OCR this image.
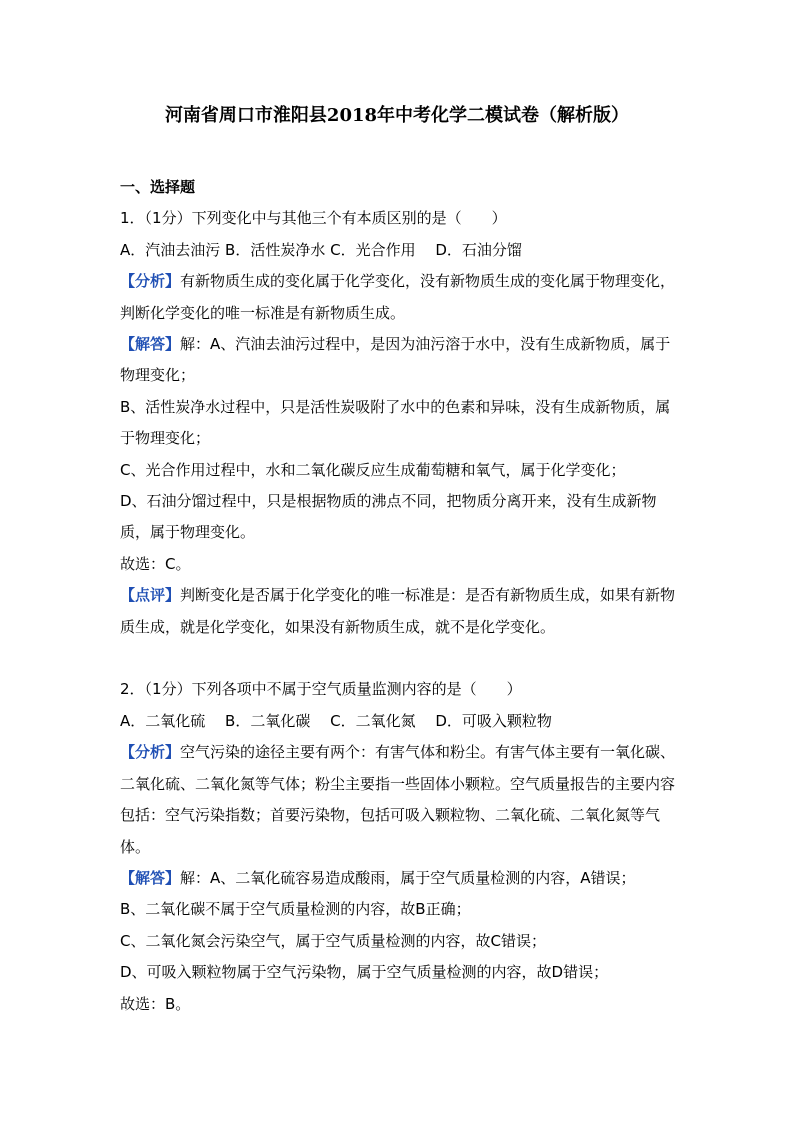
河南省周口市淮阳县2018年中考化学二模试卷（解析版）
一、选择题
1．（1分）下列变化中与其他三个有本质区别的是（　　）
A．汽油去油污 B．活性炭净水 C．光合作用　 D．石油分馏
【分析】有新物质生成的变化属于化学变化，没有新物质生成的变化属于物理变化，判断化学变化的唯一标准是有新物质生成。
【解答】解：A、汽油去油污过程中，是因为油污溶于水中，没有生成新物质，属于物理变化；
B、活性炭净水过程中，只是活性炭吸附了水中的色素和异味，没有生成新物质，属于物理变化；
C、光合作用过程中，水和二氧化碳反应生成葡萄糖和氧气，属于化学变化；
D、石油分馏过程中，只是根据物质的沸点不同，把物质分离开来，没有生成新物质，属于物理变化。
故选：C。
【点评】判断变化是否属于化学变化的唯一标准是：是否有新物质生成，如果有新物质生成，就是化学变化，如果没有新物质生成，就不是化学变化。
2．（1分）下列各项中不属于空气质量监测内容的是（　　）
A．二氧化硫　 B．二氧化碳　 C．二氧化氮　 D．可吸入颗粒物
【分析】空气污染的途径主要有两个：有害气体和粉尘。有害气体主要有一氧化碳、二氧化硫、二氧化氮等气体；粉尘主要指一些固体小颗粒。空气质量报告的主要内容包括：空气污染指数；首要污染物，包括可吸入颗粒物、二氧化硫、二氧化氮等气体。
【解答】解：A、二氧化硫容易造成酸雨，属于空气质量检测的内容，A错误；
B、二氧化碳不属于空气质量检测的内容，故B正确；
C、二氧化氮会污染空气，属于空气质量检测的内容，故C错误；
D、可吸入颗粒物属于空气污染物，属于空气质量检测的内容，故D错误；
故选：B。
